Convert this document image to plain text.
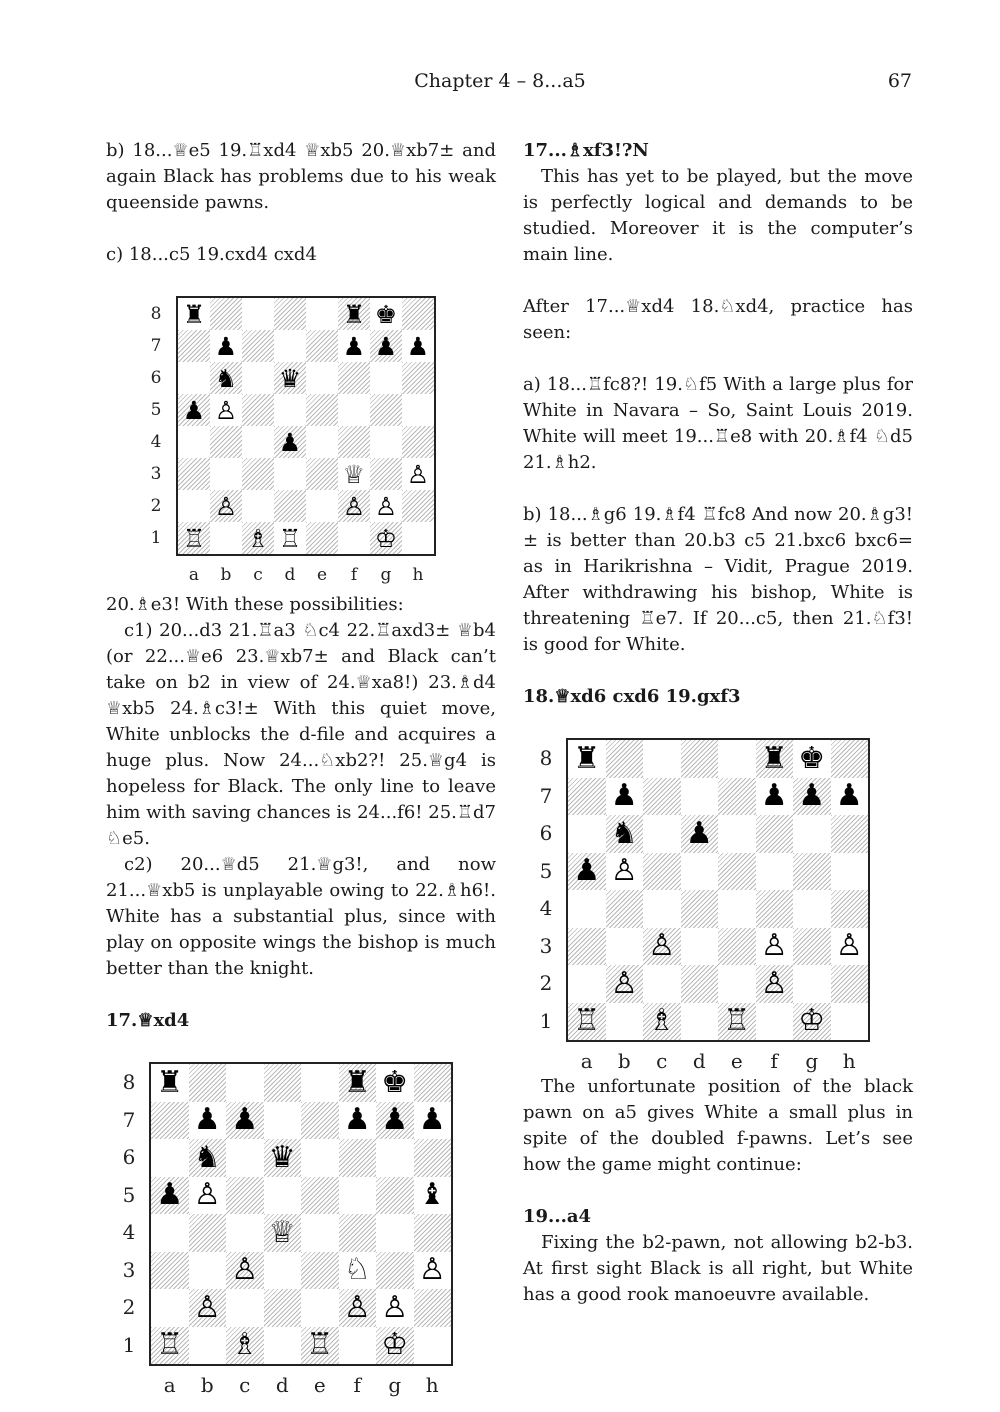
Chapter 4 – 8...a5	67

b) 18...♕e5 19.♖xd4 ♕xb5 20.♕xb7± and again Black has problems due to his weak queenside pawns.

c) 18...c5 19.cxd4 cxd4

♜	♜ ♚
♟	♟ ♟ ♟
♞ ♛
♟ ♙
♟
♕ ♙
♙	♙ ♙
♖ ♗ ♖	♔
8
7
6
5
4
3
2
1
a	b	c	d	e	f	g	h

20.♗e3! With these possibilities:

c1) 20...d3 21.♖a3 ♘c4 22.♖axd3± ♕b4 (or 22...♕e6 23.♕xb7± and Black can’t take on b2 in view of 24.♕xa8!) 23.♗d4 ♕xb5 24.♗c3!± With this quiet move, White unblocks the d-file and acquires a huge plus. Now 24...♘xb2?! 25.♕g4 is hopeless for Black. The only line to leave him with saving chances is 24...f6! 25.♖d7 ♘e5.

c2) 20...♕d5 21.♕g3!, and now 21...♕xb5 is unplayable owing to 22.♗h6!. White has a substantial plus, since with play on opposite wings the bishop is much better than the knight.

17.♕xd4

♜	♜ ♚
♟ ♟	♟ ♟ ♟
♞ ♛
♟ ♙	♝
♕
♙	♘ ♙
♙	♙ ♙
♖ ♗ ♖ ♔
8
7
6
5
4
3
2
1
a	b	c	d	e	f	g	h

17...♗xf3!?N

This has yet to be played, but the move is perfectly logical and demands to be studied. Moreover it is the computer’s main line.

After 17...♕xd4 18.♘xd4, practice has seen:

a) 18...♖fc8?! 19.♘f5 With a large plus for White in Navara – So, Saint Louis 2019. White will meet 19...♖e8 with 20.♗f4 ♘d5 21.♗h2.

b) 18...♗g6 19.♗f4 ♖fc8 And now 20.♗g3!± is better than 20.b3 c5 21.bxc6 bxc6= as in Harikrishna – Vidit, Prague 2019. After withdrawing his bishop, White is threatening ♖e7. If 20...c5, then 21.♘f3! is good for White.

18.♕xd6 cxd6 19.gxf3

♜	♜ ♚
♟	♟ ♟ ♟
♞ ♟
♟ ♙
♙	♙ ♙
♙	♙
♖ ♗ ♖ ♔
8
7
6
5
4
3
2
1
a	b	c	d	e	f	g	h

The unfortunate position of the black pawn on a5 gives White a small plus in spite of the doubled f-pawns. Let’s see how the game might continue:

19...a4

Fixing the b2-pawn, not allowing b2-b3. At first sight Black is all right, but White has a good rook manoeuvre available.
